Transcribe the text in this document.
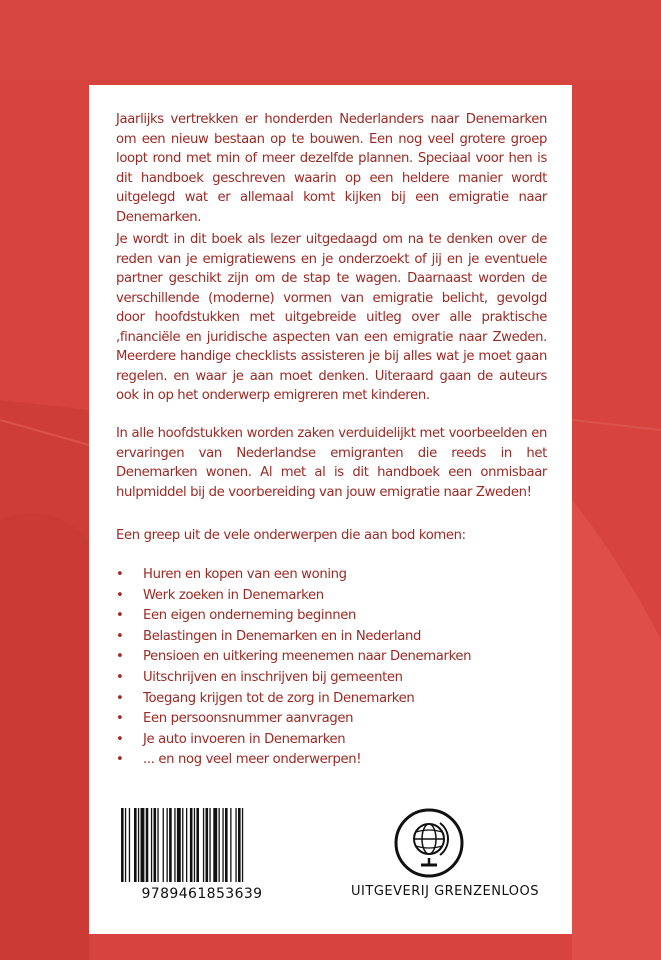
Jaarlijks vertrekken er honderden Nederlanders naar Denemarken om een nieuw bestaan op te bouwen. Een nog veel grotere groep loopt rond met min of meer dezelfde plannen. Speciaal voor hen is dit handboek geschreven waarin op een heldere manier wordt uitgelegd wat er allemaal komt kijken bij een emigratie naar Denemarken.

Je wordt in dit boek als lezer uitgedaagd om na te denken over de reden van je emigratiewens en je onderzoekt of jij en je eventuele partner geschikt zijn om de stap te wagen. Daarnaast worden de verschillende (moderne) vormen van emigratie belicht, gevolgd door hoofdstukken met uitgebreide uitleg over alle praktische ,financiële en juridische aspecten van een emigratie naar Zweden. Meerdere handige checklists assisteren je bij alles wat je moet gaan regelen. en waar je aan moet denken. Uiteraard gaan de auteurs ook in op het onderwerp emigreren met kinderen.

In alle hoofdstukken worden zaken verduidelijkt met voorbeelden en ervaringen van Nederlandse emigranten die reeds in het Denemarken wonen. Al met al is dit handboek een onmisbaar hulpmiddel bij de voorbereiding van jouw emigratie naar Zweden!

Een greep uit de vele onderwerpen die aan bod komen:

• Huren en kopen van een woning
• Werk zoeken in Denemarken
• Een eigen onderneming beginnen
• Belastingen in Denemarken en in Nederland
• Pensioen en uitkering meenemen naar Denemarken
• Uitschrijven en inschrijven bij gemeenten
• Toegang krijgen tot de zorg in Denemarken
• Een persoonsnummer aanvragen
• Je auto invoeren in Denemarken
• ... en nog veel meer onderwerpen!
9789461853639	UITGEVERIJ GRENZENLOOS
